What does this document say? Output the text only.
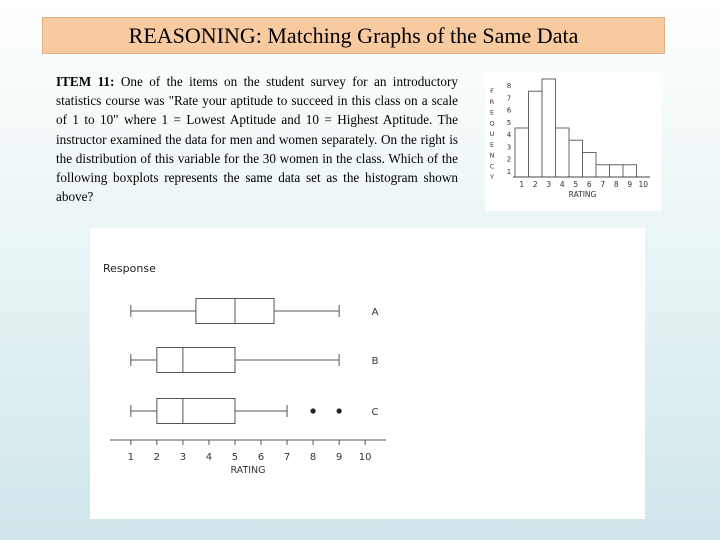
REASONING: Matching Graphs of the Same Data
ITEM 11: One of the items on the student survey for an introductory statistics course was "Rate your aptitude to succeed in this class on a scale of 1 to 10" where 1 = Lowest Aptitude and 10 = Highest Aptitude. The instructor examined the data for men and women separately. On the right is the distribution of this variable for the 30 women in the class. Which of the following boxplots represents the same data set as the histogram shown above?
1 2 3 4 5 6 7 8 9 10
1
2
3
4
5
6
7
8
F
R
E
Q
U
E
N
C
Y
RATING
Response
A
B
C
1 2 3 4 5 6 7 8 9 10
RATING
